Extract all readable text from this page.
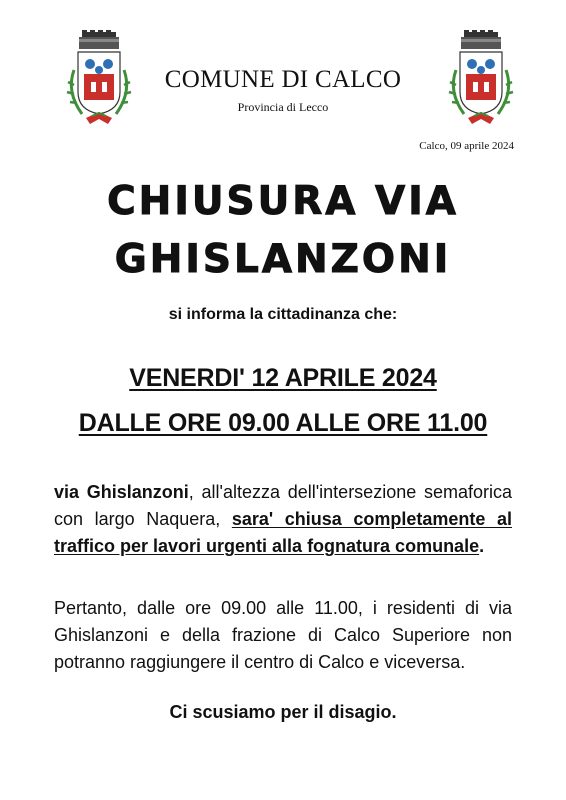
COMUNE DI CALCO
Provincia di Lecco
Calco, 09 aprile 2024
CHIUSURA VIA
GHISLANZONI
si informa la cittadinanza che:
VENERDI' 12 APRILE 2024
DALLE ORE 09.00 ALLE ORE 11.00
via Ghislanzoni, all'altezza dell'intersezione semaforica con largo Naquera, sara' chiusa completamente al traffico per lavori urgenti alla fognatura comunale.
Pertanto, dalle ore 09.00 alle 11.00, i residenti di via Ghislanzoni e della frazione di Calco Superiore non potranno raggiungere il centro di Calco e viceversa.
Ci scusiamo per il disagio.
